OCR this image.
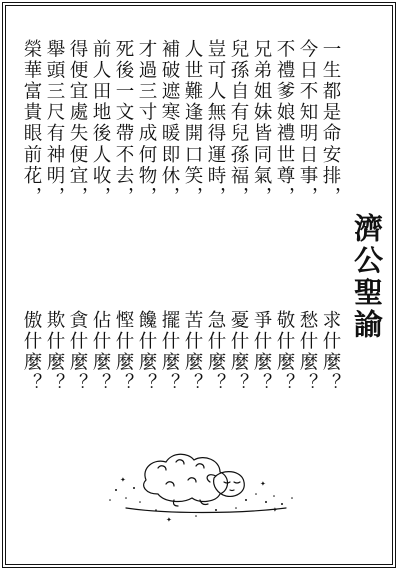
濟公聖諭
一生都是命安排，
求什麼？
今日不知明日事，
愁什麼？
不禮爹娘禮世尊，
敬什麼？
兄弟姐妹皆同氣，
爭什麼？
兒孫自有兒孫福，
憂什麼？
豈可人無得運時，
急什麼？
人世難逢開口笑，
苦什麼？
補破遮寒暖即休，
擺什麼？
才過三寸成何物，
饞什麼？
死後一文帶不去，
慳什麼？
前人田地後人收，
佔什麼？
得便宜處失便宜，
貪什麼？
舉頭三尺有神明，
欺什麼？
榮華富貴眼前花，
傲什麼？
✦	✦
✦
✦
